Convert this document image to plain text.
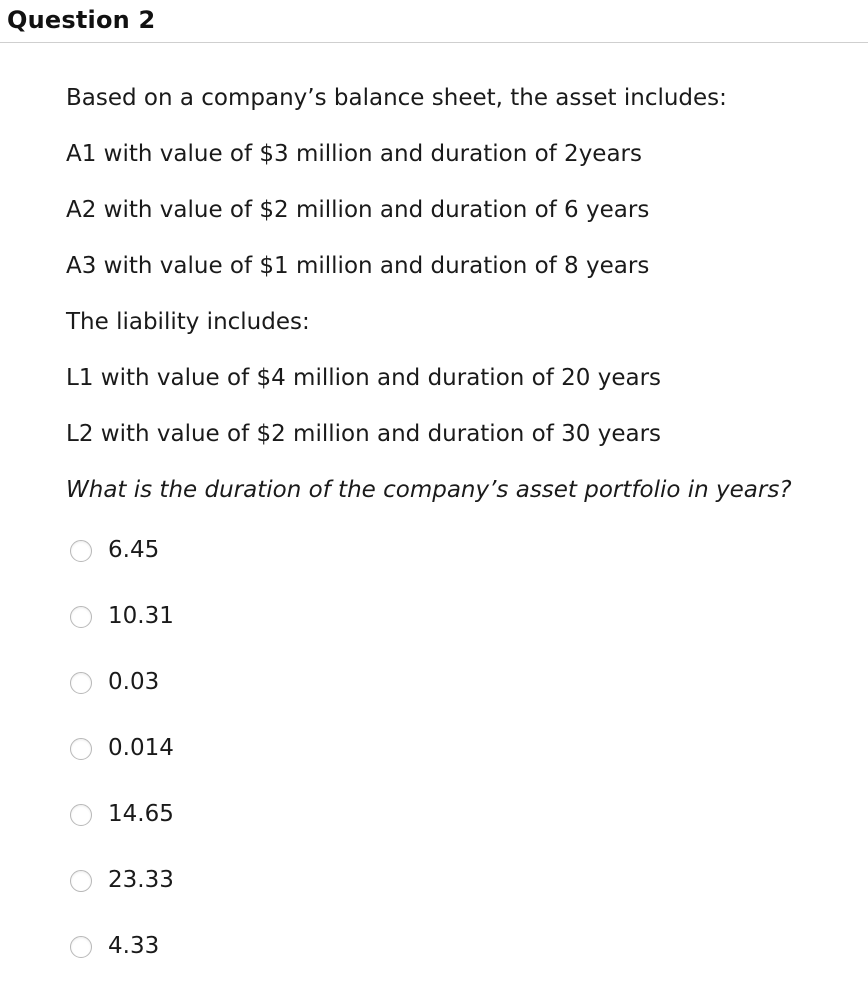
Question 2
Based on a company’s balance sheet, the asset includes:
A1 with value of $3 million and duration of 2years
A2 with value of $2 million and duration of 6 years
A3 with value of $1 million and duration of 8 years
The liability includes:
L1 with value of $4 million and duration of 20 years
L2 with value of $2 million and duration of 30 years
What is the duration of the company’s asset portfolio in years?
6.45
10.31
0.03
0.014
14.65
23.33
4.33
